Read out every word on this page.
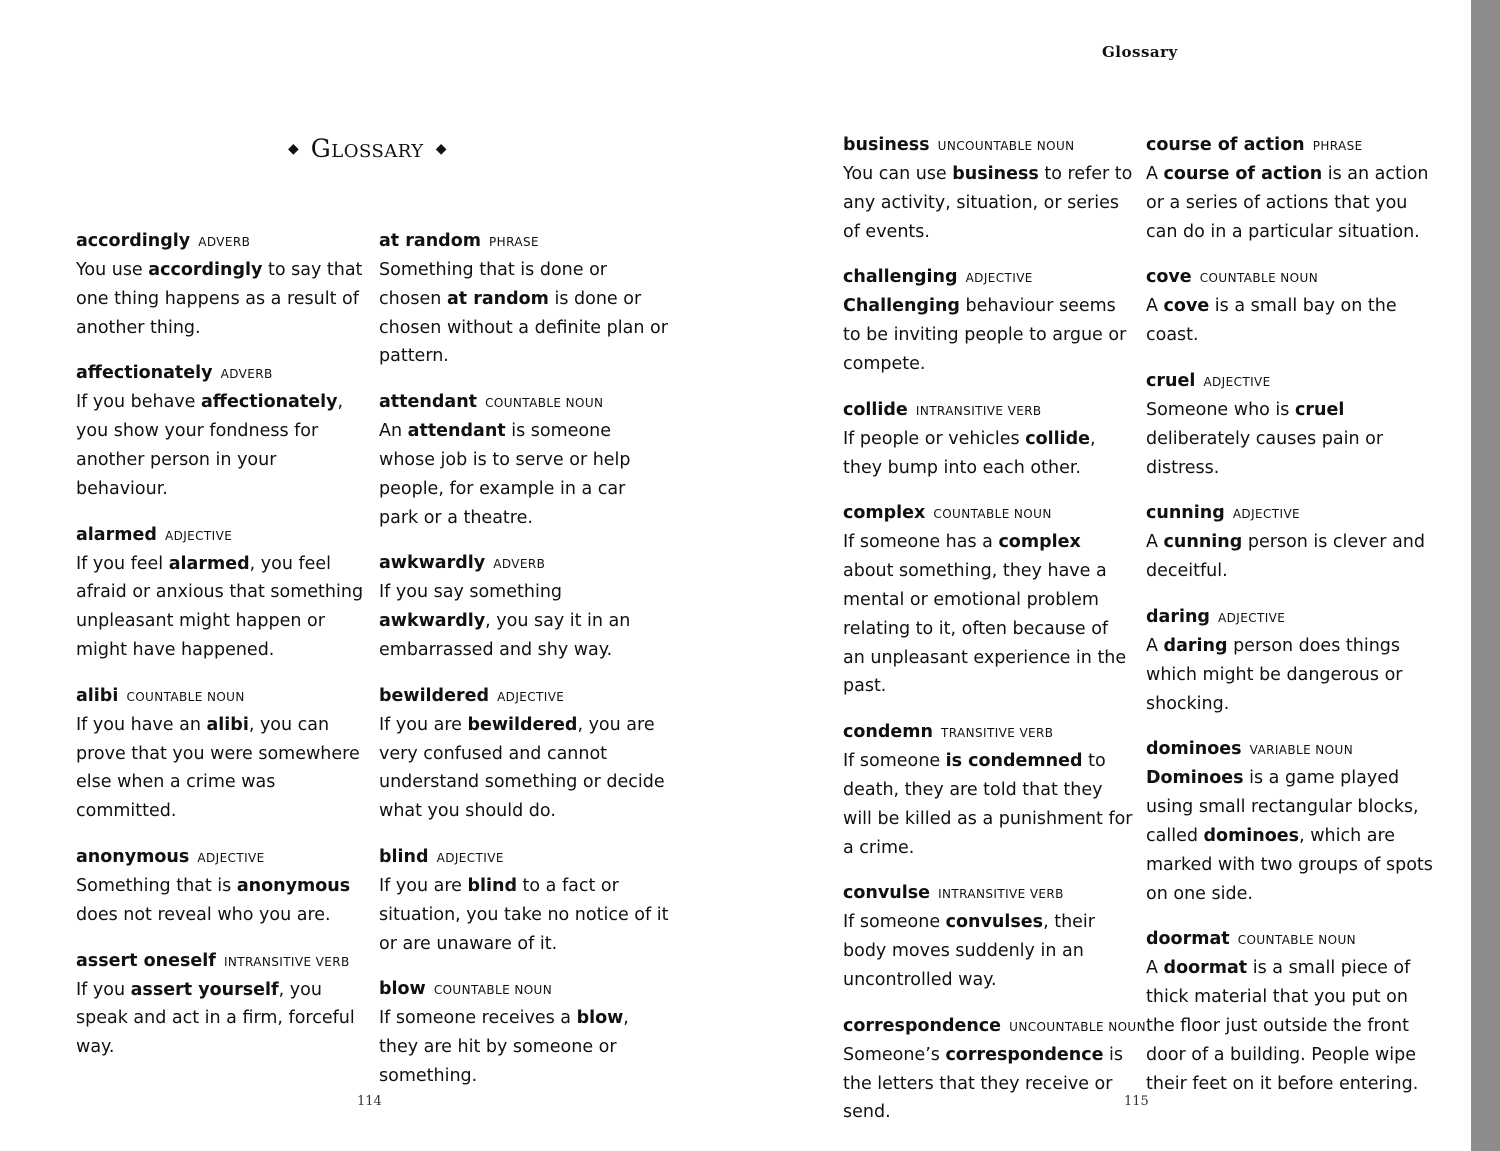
Glossary
◆ Glossary ◆
accordingly ADVERB
You use accordingly to say that one thing happens as a result of another thing.
affectionately ADVERB
If you behave affectionately, you show your fondness for another person in your behaviour.
alarmed ADJECTIVE
If you feel alarmed, you feel afraid or anxious that something unpleasant might happen or might have happened.
alibi COUNTABLE NOUN
If you have an alibi, you can prove that you were somewhere else when a crime was committed.
anonymous ADJECTIVE
Something that is anonymous does not reveal who you are.
assert oneself INTRANSITIVE VERB
If you assert yourself, you speak and act in a firm, forceful way.
at random PHRASE
Something that is done or chosen at random is done or chosen without a definite plan or pattern.
attendant COUNTABLE NOUN
An attendant is someone whose job is to serve or help people, for example in a car park or a theatre.
awkwardly ADVERB
If you say something awkwardly, you say it in an embarrassed and shy way.
bewildered ADJECTIVE
If you are bewildered, you are very confused and cannot understand something or decide what you should do.
blind ADJECTIVE
If you are blind to a fact or situation, you take no notice of it or are unaware of it.
blow COUNTABLE NOUN
If someone receives a blow, they are hit by someone or something.
business UNCOUNTABLE NOUN
You can use business to refer to any activity, situation, or series of events.
challenging ADJECTIVE
Challenging behaviour seems to be inviting people to argue or compete.
collide INTRANSITIVE VERB
If people or vehicles collide, they bump into each other.
complex COUNTABLE NOUN
If someone has a complex about something, they have a mental or emotional problem relating to it, often because of an unpleasant experience in the past.
condemn TRANSITIVE VERB
If someone is condemned to death, they are told that they will be killed as a punishment for a crime.
convulse INTRANSITIVE VERB
If someone convulses, their body moves suddenly in an uncontrolled way.
correspondence UNCOUNTABLE NOUN
Someone’s correspondence is the letters that they receive or send.
course of action PHRASE
A course of action is an action or a series of actions that you can do in a particular situation.
cove COUNTABLE NOUN
A cove is a small bay on the coast.
cruel ADJECTIVE
Someone who is cruel deliberately causes pain or distress.
cunning ADJECTIVE
A cunning person is clever and deceitful.
daring ADJECTIVE
A daring person does things which might be dangerous or shocking.
dominoes VARIABLE NOUN
Dominoes is a game played using small rectangular blocks, called dominoes, which are marked with two groups of spots on one side.
doormat COUNTABLE NOUN
A doormat is a small piece of thick material that you put on the floor just outside the front door of a building. People wipe their feet on it before entering.
114	115
